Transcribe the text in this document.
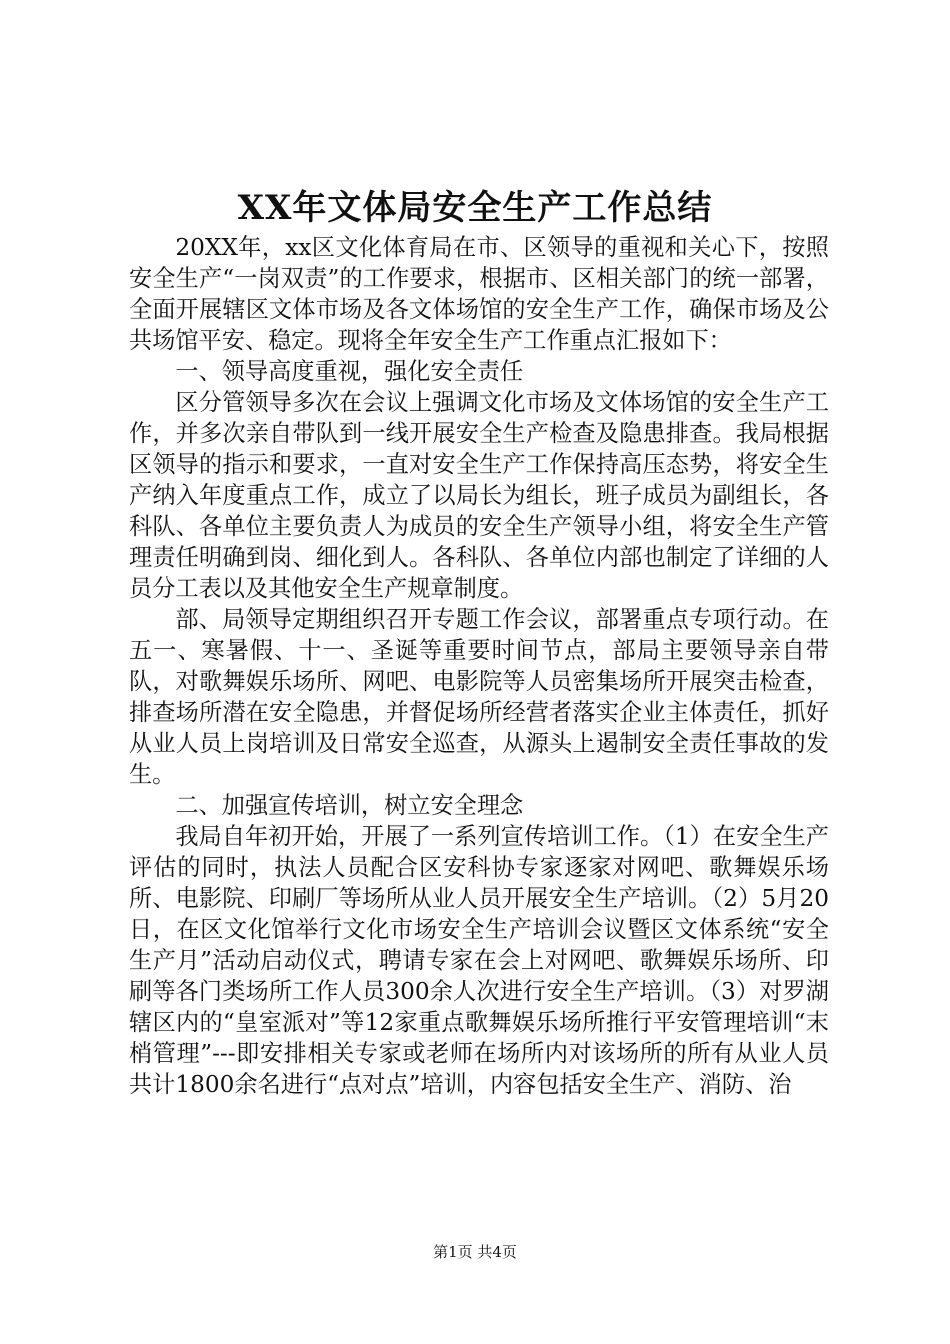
XX年文体局安全生产工作总结

20XX年，xx区文化体育局在市、区领导的重视和关心下，按照安全生产“一岗双责”的工作要求，根据市、区相关部门的统一部署，全面开展辖区文体市场及各文体场馆的安全生产工作，确保市场及公共场馆平安、稳定。现将全年安全生产工作重点汇报如下：

一、领导高度重视，强化安全责任

区分管领导多次在会议上强调文化市场及文体场馆的安全生产工作，并多次亲自带队到一线开展安全生产检查及隐患排查。我局根据区领导的指示和要求，一直对安全生产工作保持高压态势，将安全生产纳入年度重点工作，成立了以局长为组长，班子成员为副组长，各科队、各单位主要负责人为成员的安全生产领导小组，将安全生产管理责任明确到岗、细化到人。各科队、各单位内部也制定了详细的人员分工表以及其他安全生产规章制度。

部、局领导定期组织召开专题工作会议，部署重点专项行动。在五一、寒暑假、十一、圣诞等重要时间节点，部局主要领导亲自带队，对歌舞娱乐场所、网吧、电影院等人员密集场所开展突击检查，排查场所潜在安全隐患，并督促场所经营者落实企业主体责任，抓好从业人员上岗培训及日常安全巡查，从源头上遏制安全责任事故的发生。

二、加强宣传培训，树立安全理念

我局自年初开始，开展了一系列宣传培训工作。（1）在安全生产评估的同时，执法人员配合区安科协专家逐家对网吧、歌舞娱乐场所、电影院、印刷厂等场所从业人员开展安全生产培训。（2）5月20日，在区文化馆举行文化市场安全生产培训会议暨区文体系统“安全生产月”活动启动仪式，聘请专家在会上对网吧、歌舞娱乐场所、印刷等各门类场所工作人员300余人次进行安全生产培训。（3）对罗湖辖区内的“皇室派对”等12家重点歌舞娱乐场所推行平安管理培训“末梢管理”---即安排相关专家或老师在场所内对该场所的所有从业人员共计1800余名进行“点对点”培训，内容包括安全生产、消防、治

第1页 共4页
